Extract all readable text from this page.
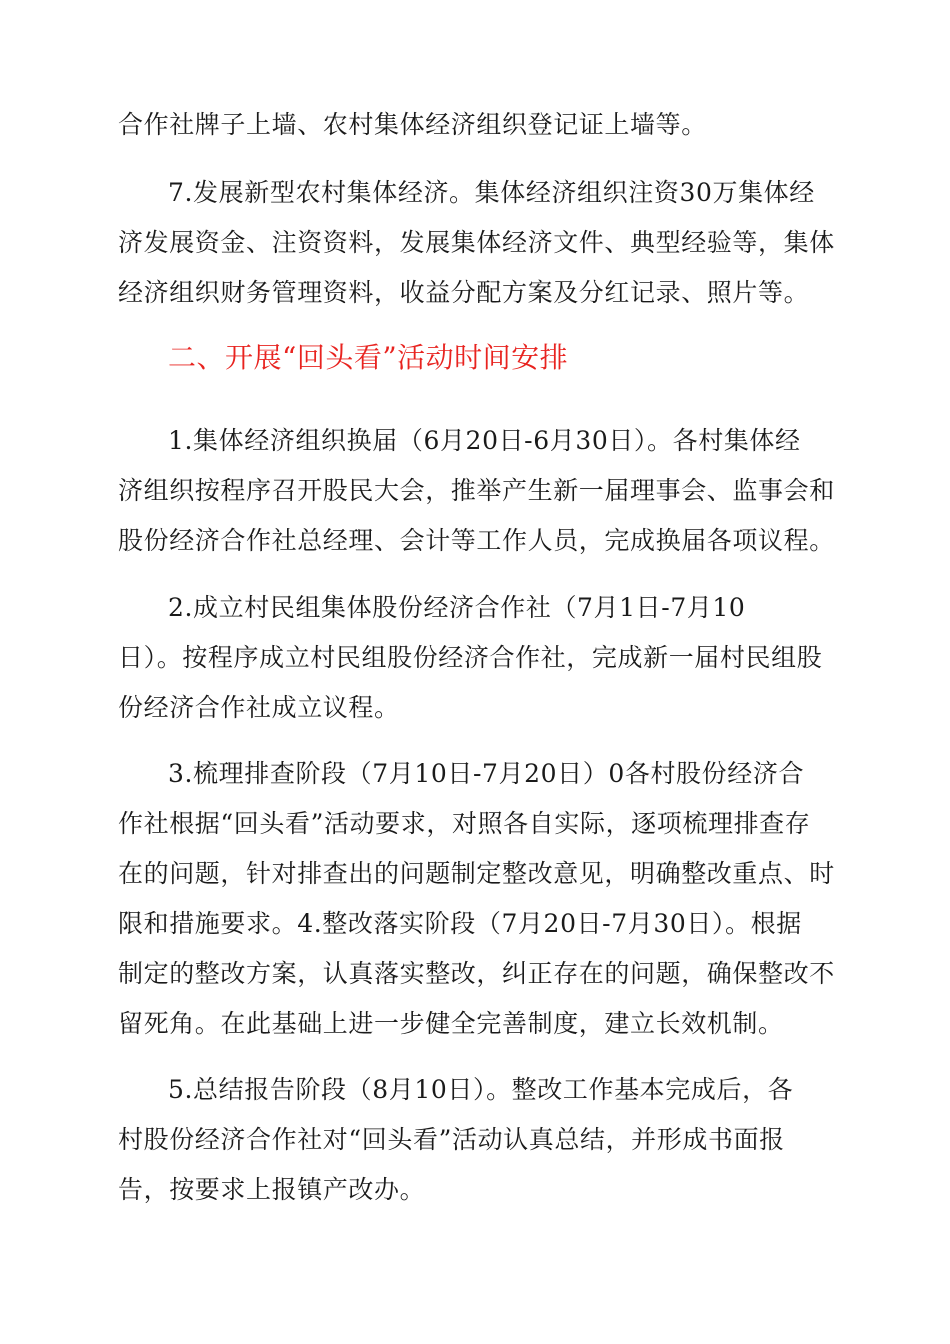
合作社牌子上墙、农村集体经济组织登记证上墙等。
7.发展新型农村集体经济。集体经济组织注资30万集体经
济发展资金、注资资料，发展集体经济文件、典型经验等，集体
经济组织财务管理资料，收益分配方案及分红记录、照片等。
二、开展“回头看”活动时间安排
1.集体经济组织换届（6月20日-6月30日）。各村集体经
济组织按程序召开股民大会，推举产生新一届理事会、监事会和
股份经济合作社总经理、会计等工作人员，完成换届各项议程。
2.成立村民组集体股份经济合作社（7月1日-7月10
日）。按程序成立村民组股份经济合作社，完成新一届村民组股
份经济合作社成立议程。
3.梳理排查阶段（7月10日-7月20日）0各村股份经济合
作社根据“回头看”活动要求，对照各自实际，逐项梳理排查存
在的问题，针对排查出的问题制定整改意见，明确整改重点、时
限和措施要求。4.整改落实阶段（7月20日-7月30日）。根据
制定的整改方案，认真落实整改，纠正存在的问题，确保整改不
留死角。在此基础上进一步健全完善制度，建立长效机制。
5.总结报告阶段（8月10日）。整改工作基本完成后，各
村股份经济合作社对“回头看”活动认真总结，并形成书面报
告，按要求上报镇产改办。
